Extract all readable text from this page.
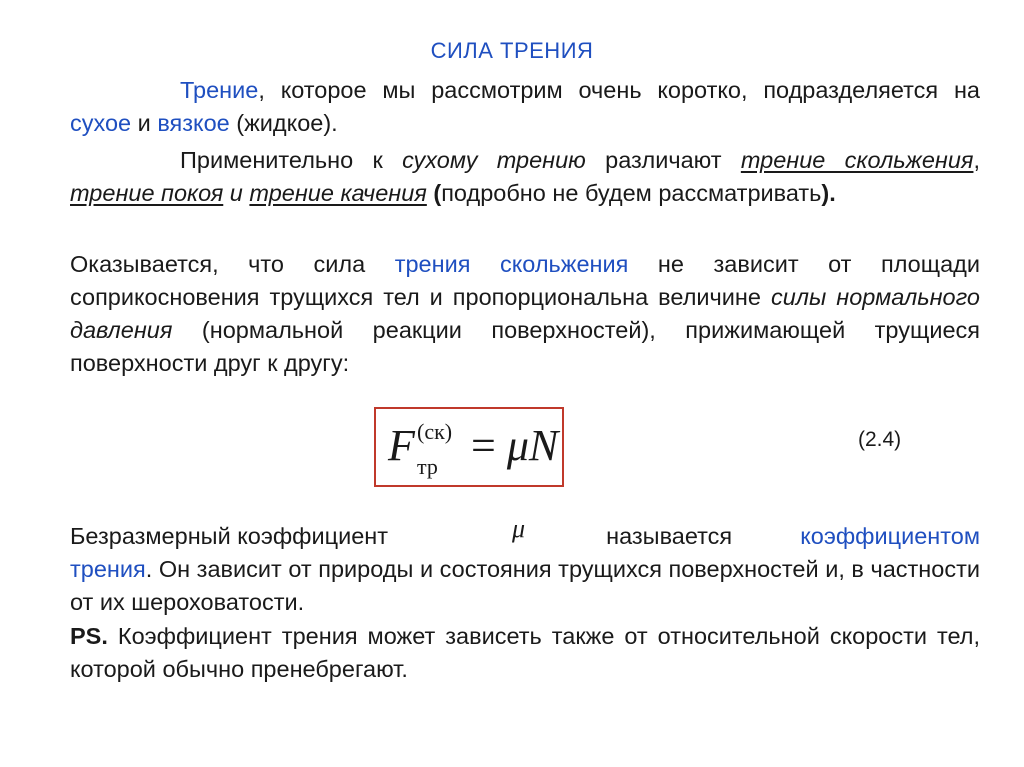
СИЛА ТРЕНИЯ
Трение, которое мы рассмотрим очень коротко, подразделяется на сухое и вязкое (жидкое).
Применительно к сухому трению различают трение скольжения, трение покоя и трение качения (подробно не будем рассматривать).
Оказывается, что сила трения скольжения не зависит от площади соприкосновения трущихся тел и пропорциональна величине силы нормального давления (нормальной реакции поверхностей), прижимающей трущиеся поверхности друг к другу:
F (ск)
тр = μN	(2.4)
μ
Безразмерный коэффициент	называется	коэффициентом
трения. Он зависит от природы и состояния трущихся поверхностей и, в частности от их шероховатости.
PS. Коэффициент трения может зависеть также от относительной скорости тел, которой обычно пренебрегают.
